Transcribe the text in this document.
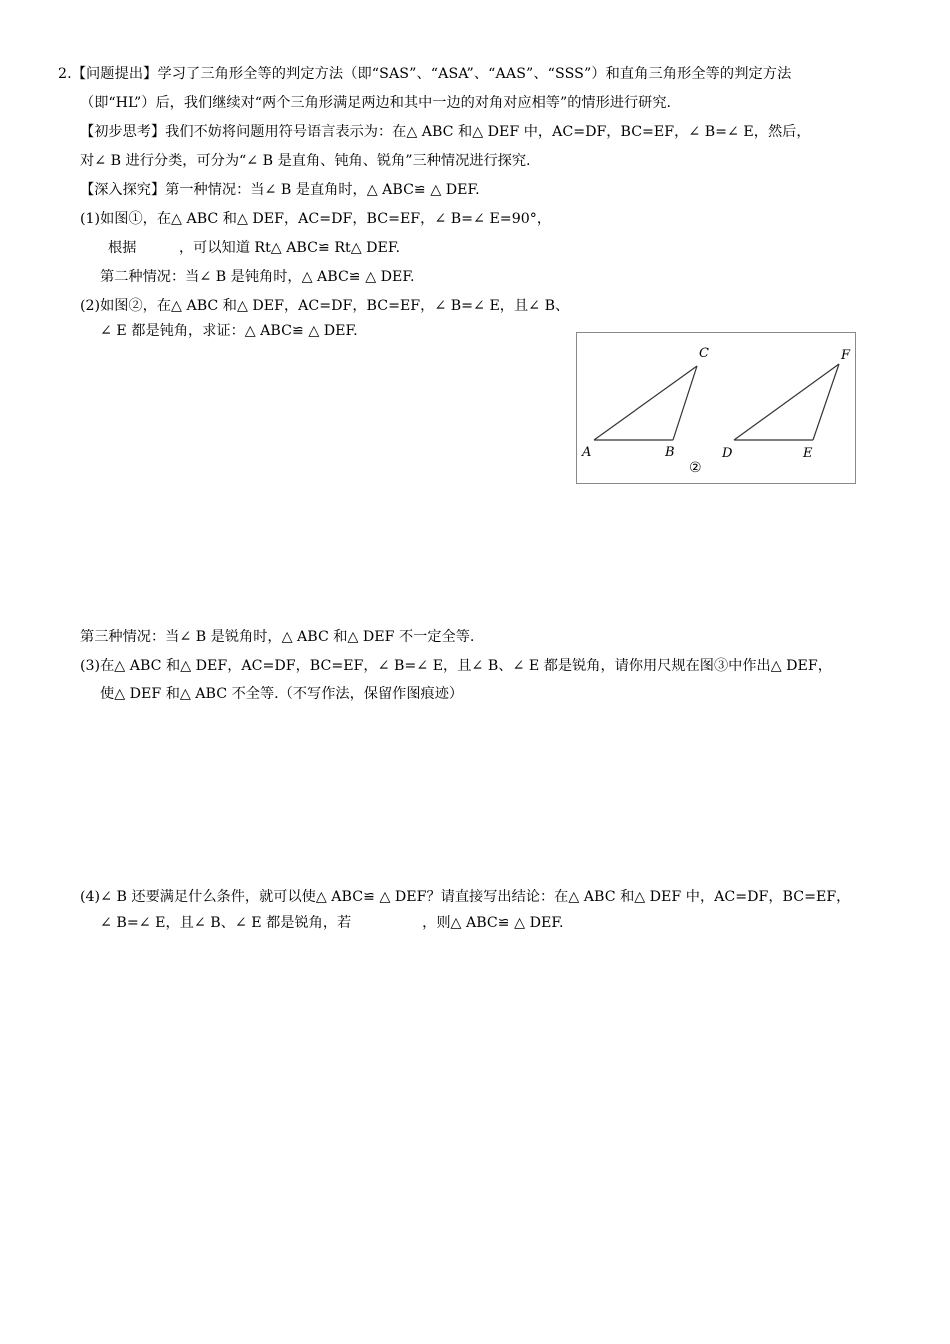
2.【问题提出】学习了三角形全等的判定方法（即“SAS”、“ASA”、“AAS”、“SSS”）和直角三角形全等的判定方法
（即“HL”）后，我们继续对“两个三角形满足两边和其中一边的对角对应相等”的情形进行研究.
【初步思考】我们不妨将问题用符号语言表示为：在△ ABC 和△ DEF 中，AC=DF，BC=EF，∠ B=∠ E，然后，
对∠ B 进行分类，可分为“∠ B 是直角、钝角、锐角”三种情况进行探究.
【深入探究】第一种情况：当∠ B 是直角时，△ ABC≌ △ DEF.
(1)如图①，在△ ABC 和△ DEF，AC=DF，BC=EF，∠ B=∠ E=90°，
根据　　　，可以知道 Rt△ ABC≌ Rt△ DEF.
第二种情况：当∠ B 是钝角时，△ ABC≌ △ DEF.
(2)如图②，在△ ABC 和△ DEF，AC=DF，BC=EF，∠ B=∠ E，且∠ B、
∠ E 都是钝角，求证：△ ABC≌ △ DEF.
第三种情况：当∠ B 是锐角时，△ ABC 和△ DEF 不一定全等.
(3)在△ ABC 和△ DEF，AC=DF，BC=EF，∠ B=∠ E，且∠ B、∠ E 都是锐角，请你用尺规在图③中作出△ DEF，
使△ DEF 和△ ABC 不全等.（不写作法，保留作图痕迹）
(4)∠ B 还要满足什么条件，就可以使△ ABC≌ △ DEF？请直接写出结论：在△ ABC 和△ DEF 中，AC=DF，BC=EF，
∠ B=∠ E，且∠ B、∠ E 都是锐角，若　　　　　，则△ ABC≌ △ DEF.
A	B
C
D	E
F
②
